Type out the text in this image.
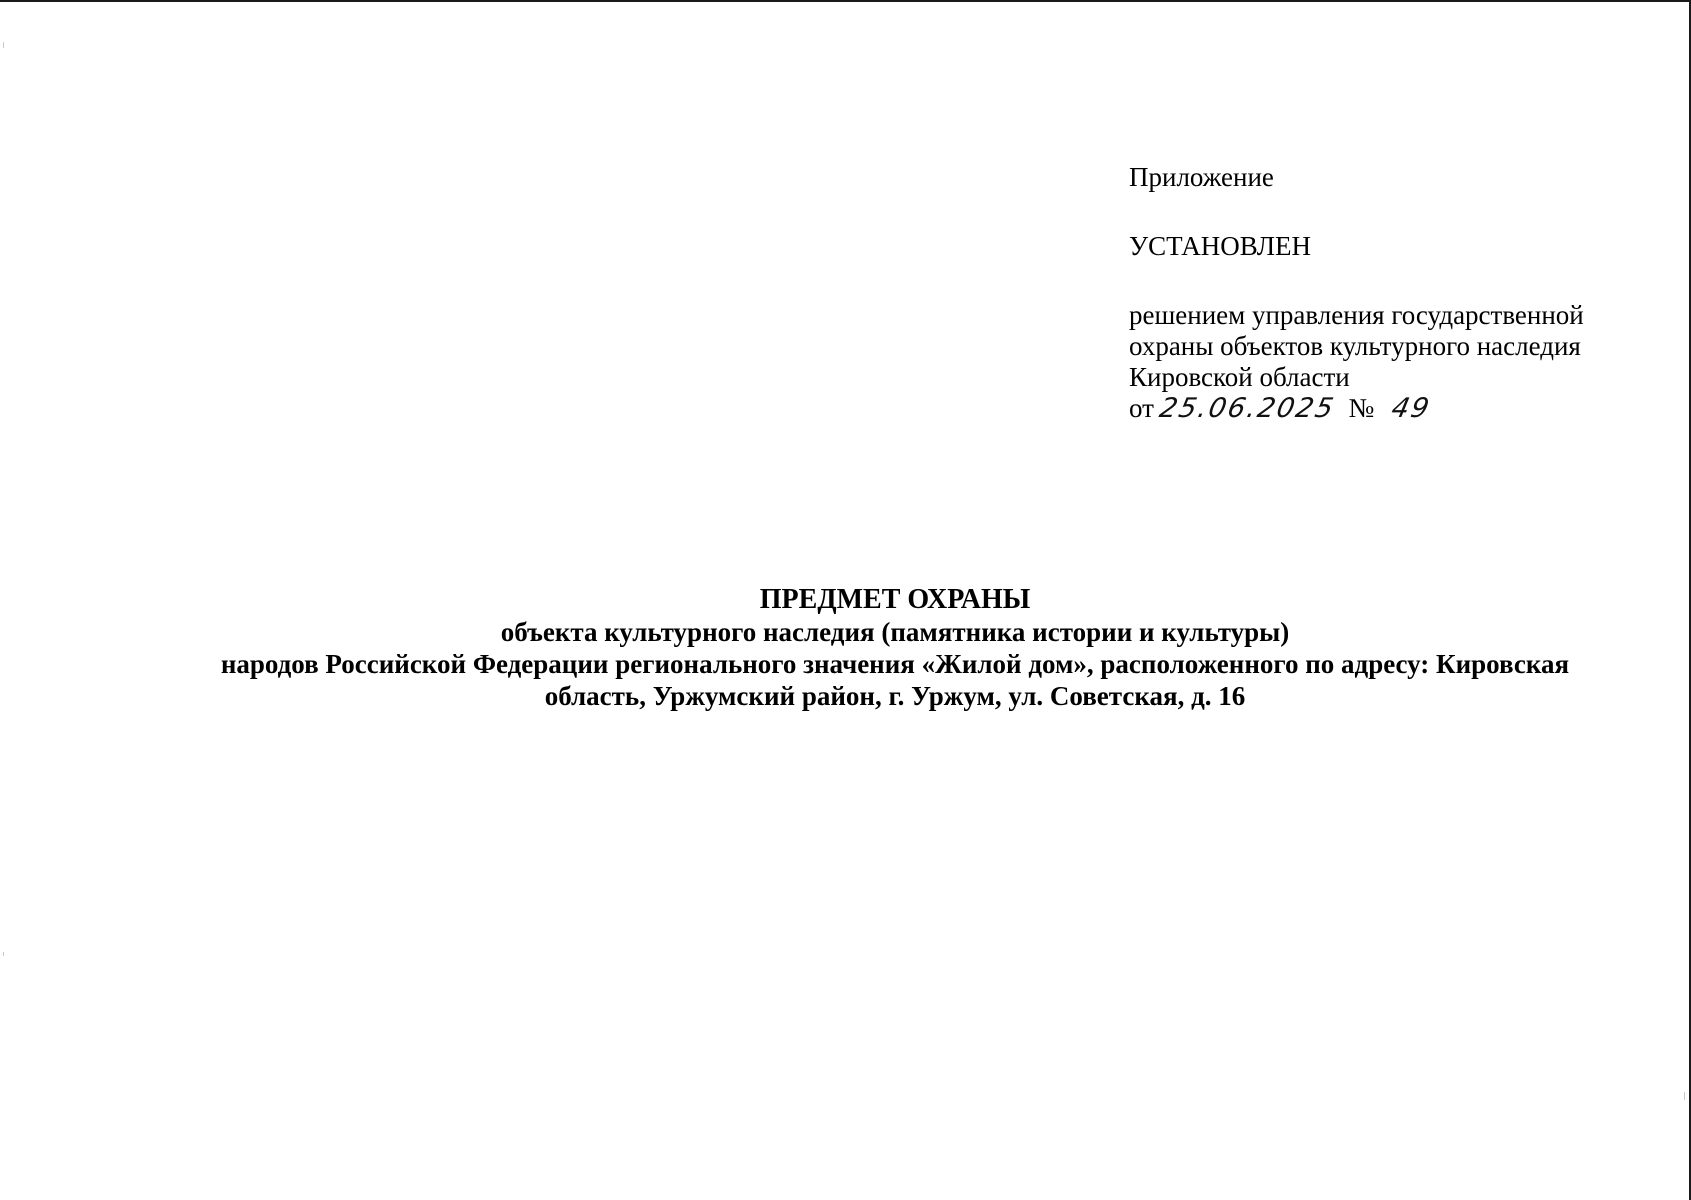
Приложение
УСТАНОВЛЕН
решением управления государственной
охраны объектов культурного наследия
Кировской области
от 25.06.2025 № 49
ПРЕДМЕТ ОХРАНЫ
объекта культурного наследия (памятника истории и культуры)
народов Российской Федерации регионального значения «Жилой дом», расположенного по адресу: Кировская
область, Уржумский район, г. Уржум, ул. Советская, д. 16
